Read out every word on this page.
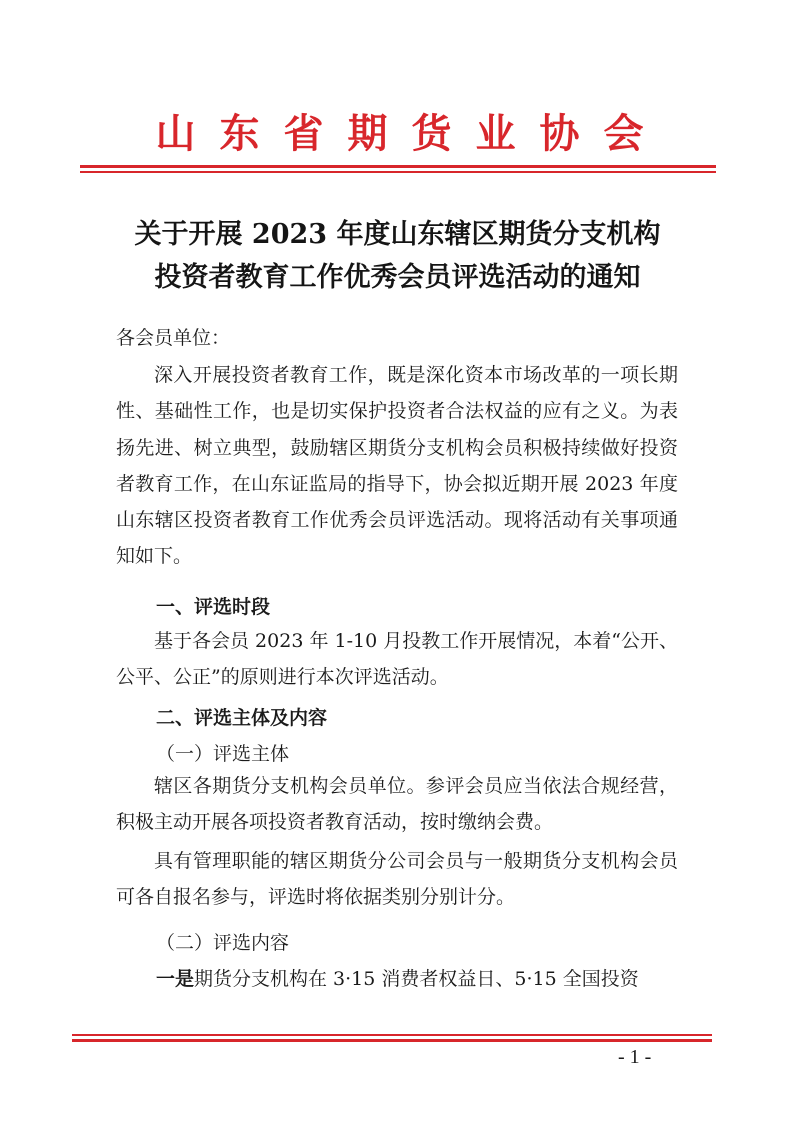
山东省期货业协会
关于开展 2023 年度山东辖区期货分支机构
投资者教育工作优秀会员评选活动的通知
各会员单位：
深入开展投资者教育工作，既是深化资本市场改革的一项长期性、基础性工作，也是切实保护投资者合法权益的应有之义。为表扬先进、树立典型，鼓励辖区期货分支机构会员积极持续做好投资者教育工作，在山东证监局的指导下，协会拟近期开展 2023 年度山东辖区投资者教育工作优秀会员评选活动。现将活动有关事项通知如下。
一、评选时段
基于各会员 2023 年 1-10 月投教工作开展情况，本着“公开、公平、公正”的原则进行本次评选活动。
二、评选主体及内容
（一）评选主体
辖区各期货分支机构会员单位。参评会员应当依法合规经营，积极主动开展各项投资者教育活动，按时缴纳会费。
具有管理职能的辖区期货分公司会员与一般期货分支机构会员可各自报名参与，评选时将依据类别分别计分。
（二）评选内容
一是期货分支机构在 3·15 消费者权益日、5·15 全国投资
- 1 -
